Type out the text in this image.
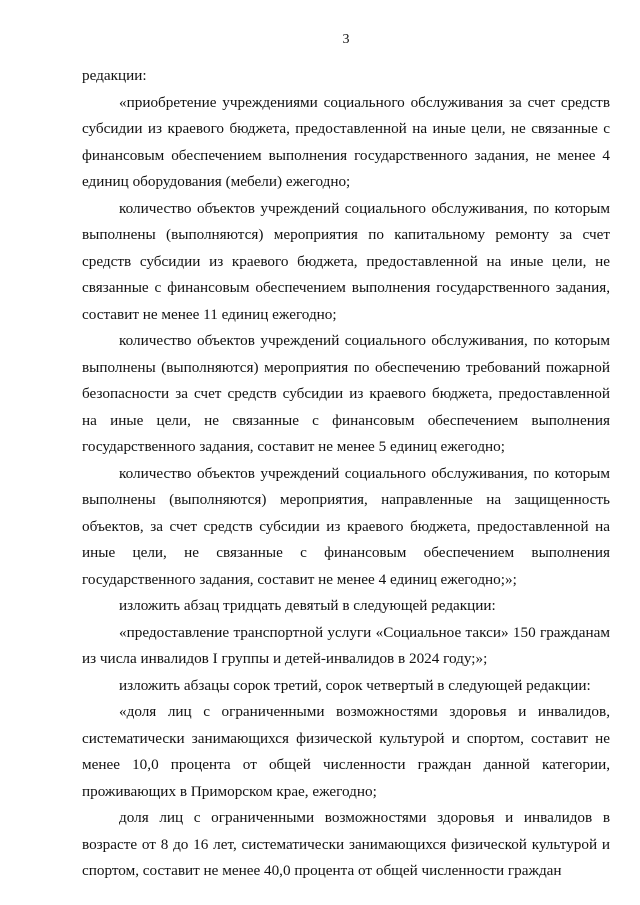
3

редакции:

«приобретение учреждениями социального обслуживания за счет средств субсидии из краевого бюджета, предоставленной на иные цели, не связанные с финансовым обеспечением выполнения государственного задания, не менее 4 единиц оборудования (мебели) ежегодно;

количество объектов учреждений социального обслуживания, по которым выполнены (выполняются) мероприятия по капитальному ремонту за счет средств субсидии из краевого бюджета, предоставленной на иные цели, не связанные с финансовым обеспечением выполнения государственного задания, составит не менее 11 единиц ежегодно;

количество объектов учреждений социального обслуживания, по которым выполнены (выполняются) мероприятия по обеспечению требований пожарной безопасности за счет средств субсидии из краевого бюджета, предоставленной на иные цели, не связанные с финансовым обеспечением выполнения государственного задания, составит не менее 5 единиц ежегодно;

количество объектов учреждений социального обслуживания, по которым выполнены (выполняются) мероприятия, направленные на защищенность объектов, за счет средств субсидии из краевого бюджета, предоставленной на иные цели, не связанные с финансовым обеспечением выполнения государственного задания, составит не менее 4 единиц ежегодно;»;

изложить абзац тридцать девятый в следующей редакции:

«предоставление транспортной услуги «Социальное такси» 150 гражданам из числа инвалидов I группы и детей-инвалидов в 2024 году;»;

изложить абзацы сорок третий, сорок четвертый в следующей редакции:

«доля лиц с ограниченными возможностями здоровья и инвалидов, систематически занимающихся физической культурой и спортом, составит не менее 10,0 процента от общей численности граждан данной категории, проживающих в Приморском крае, ежегодно;

доля лиц с ограниченными возможностями здоровья и инвалидов в возрасте от 8 до 16 лет, систематически занимающихся физической культурой и спортом, составит не менее 40,0 процента от общей численности граждан
